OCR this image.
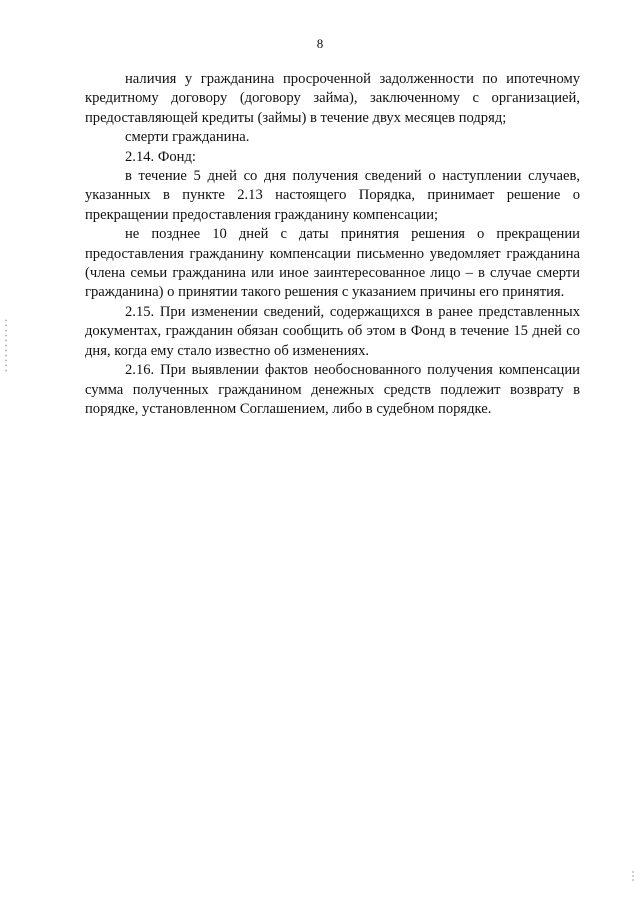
8

наличия у гражданина просроченной задолженности по ипотечному кредитному договору (договору займа), заключенному с организацией, предоставляющей кредиты (займы) в течение двух месяцев подряд;

смерти гражданина.

2.14. Фонд:

в течение 5 дней со дня получения сведений о наступлении случаев, указанных в пункте 2.13 настоящего Порядка, принимает решение о прекращении предоставления гражданину компенсации;

не позднее 10 дней с даты принятия решения о прекращении предоставления гражданину компенсации письменно уведомляет гражданина (члена семьи гражданина или иное заинтересованное лицо – в случае смерти гражданина) о принятии такого решения с указанием причины его принятия.

2.15. При изменении сведений, содержащихся в ранее представленных документах, гражданин обязан сообщить об этом в Фонд в течение 15 дней со дня, когда ему стало известно об изменениях.

2.16. При выявлении фактов необоснованного получения компенсации сумма полученных гражданином денежных средств подлежит возврату в порядке, установленном Соглашением, либо в судебном порядке.
